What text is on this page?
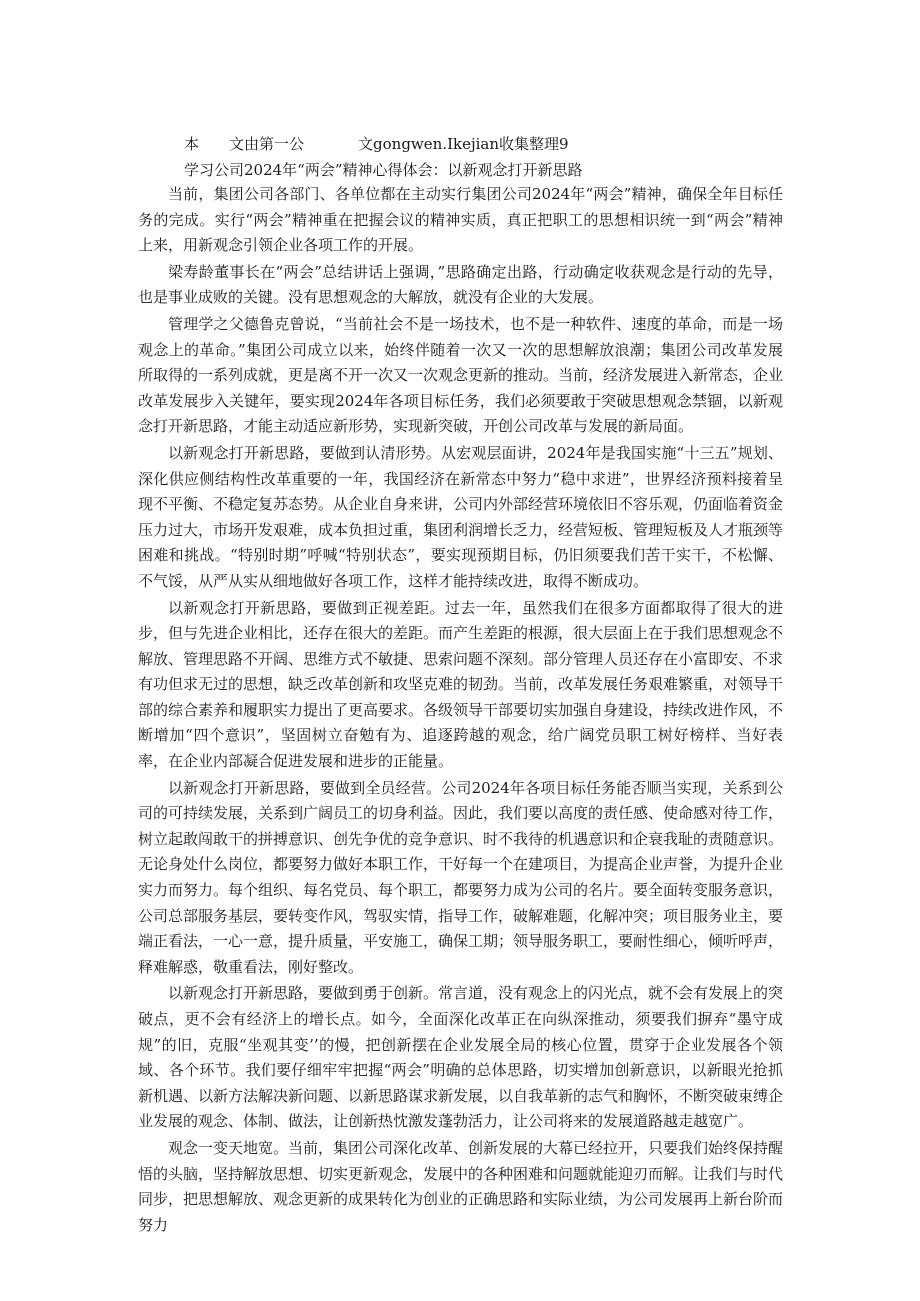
本 文由第一公	文gongwen.Ikejian收集整理9
学习公司2024年“两会”精神心得体会：以新观念打开新思路

当前，集团公司各部门、各单位都在主动实行集团公司2024年“两会”精神，确保全年目标任务的完成。实行“两会”精神重在把握会议的精神实质，真正把职工的思想相识统一到“两会”精神上来，用新观念引领企业各项工作的开展。

梁寿龄董事长在“两会”总结讲话上强调，”思路确定出路，行动确定收获观念是行动的先导，也是事业成败的关键。没有思想观念的大解放，就没有企业的大发展。

管理学之父德鲁克曾说，“当前社会不是一场技术，也不是一种软件、速度的革命，而是一场观念上的革命。”集团公司成立以来，始终伴随着一次又一次的思想解放浪潮；集团公司改革发展所取得的一系列成就，更是离不开一次又一次观念更新的推动。当前，经济发展进入新常态，企业改革发展步入关键年，要实现2024年各项目标任务，我们必须要敢于突破思想观念禁锢，以新观念打开新思路，才能主动适应新形势，实现新突破，开创公司改革与发展的新局面。

以新观念打开新思路，要做到认清形势。从宏观层面讲，2024年是我国实施“十三五”规划、深化供应侧结构性改革重要的一年，我国经济在新常态中努力“稳中求进”，世界经济预料接着呈现不平衡、不稳定复苏态势。从企业自身来讲，公司内外部经营环境依旧不容乐观，仍面临着资金压力过大，市场开发艰难，成本负担过重，集团利润增长乏力，经营短板、管理短板及人才瓶颈等困难和挑战。“特别时期”呼喊“特别状态”，要实现预期目标，仍旧须要我们苦干实干，不松懈、不气馁，从严从实从细地做好各项工作，这样才能持续改进，取得不断成功。

以新观念打开新思路，要做到正视差距。过去一年，虽然我们在很多方面都取得了很大的进步，但与先进企业相比，还存在很大的差距。而产生差距的根源，很大层面上在于我们思想观念不解放、管理思路不开阔、思维方式不敏捷、思索问题不深刻。部分管理人员还存在小富即安、不求有功但求无过的思想，缺乏改革创新和攻坚克难的韧劲。当前，改革发展任务艰难繁重，对领导干部的综合素养和履职实力提出了更高要求。各级领导干部要切实加强自身建设，持续改进作风，不断增加“四个意识”，坚固树立奋勉有为、追逐跨越的观念，给广阔党员职工树好榜样、当好表率，在企业内部凝合促进发展和进步的正能量。

以新观念打开新思路，要做到全员经营。公司2024年各项目标任务能否顺当实现，关系到公司的可持续发展，关系到广阔员工的切身利益。因此，我们要以高度的责任感、使命感对待工作，树立起敢闯敢干的拼搏意识、创先争优的竞争意识、时不我待的机遇意识和企衰我耻的责随意识。无论身处什么岗位，都要努力做好本职工作，干好每一个在建项目，为提高企业声誉，为提升企业实力而努力。每个组织、每名党员、每个职工，都要努力成为公司的名片。要全面转变服务意识，公司总部服务基层，要转变作风，驾驭实情，指导工作，破解难题，化解冲突；项目服务业主，要端正看法，一心一意，提升质量，平安施工，确保工期；领导服务职工，要耐性细心，倾听呼声，释难解惑，敬重看法，刚好整改。

以新观念打开新思路，要做到勇于创新。常言道，没有观念上的闪光点，就不会有发展上的突破点，更不会有经济上的增长点。如今，全面深化改革正在向纵深推动，须要我们摒弃“墨守成规”的旧，克服“坐观其变’’的慢，把创新摆在企业发展全局的核心位置，贯穿于企业发展各个领域、各个环节。我们要仔细牢牢把握“两会”明确的总体思路，切实增加创新意识，以新眼光抢抓新机遇、以新方法解决新问题、以新思路谋求新发展，以自我革新的志气和胸怀，不断突破束缚企业发展的观念、体制、做法，让创新热忱激发蓬勃活力，让公司将来的发展道路越走越宽广。

观念一变天地宽。当前，集团公司深化改革、创新发展的大幕已经拉开，只要我们始终保持醒悟的头脑，坚持解放思想、切实更新观念，发展中的各种困难和问题就能迎刃而解。让我们与时代同步，把思想解放、观念更新的成果转化为创业的正确思路和实际业绩，为公司发展再上新台阶而努力
